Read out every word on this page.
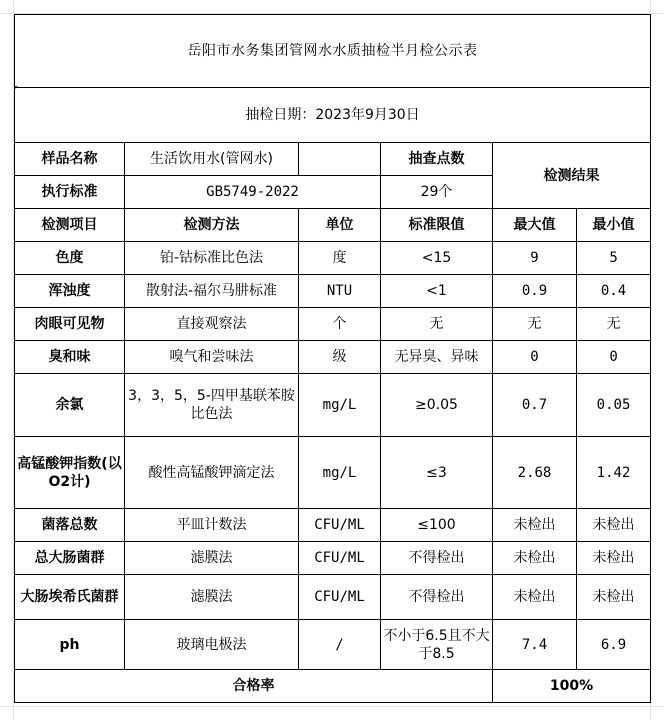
岳阳市水务集团管网水水质抽检半月检公示表					
抽检日期：2023年9月30日					
样品名称	生活饮用水(管网水)		抽查点数	检测结果	
执行标准	GB5749-2022		29个		
检测项目	检测方法	单位	标准限值	最大值	最小值
色度	铂-钴标准比色法	度	<15	9	5
浑浊度	散射法-福尔马肼标准	NTU	<1	0.9	0.4
肉眼可见物	直接观察法	个	无	无	无
臭和味	嗅气和尝味法	级	无异臭、异味	0	0
余氯	3，3，5，5-四甲基联苯胺比色法	mg/L	≥0.05	0.7	0.05
高锰酸钾指数(以O2计)	酸性高锰酸钾滴定法	mg/L	≤3	2.68	1.42
菌落总数	平皿计数法	CFU/ML	≤100	未检出	未检出
总大肠菌群	滤膜法	CFU/ML	不得检出	未检出	未检出
大肠埃希氏菌群	滤膜法	CFU/ML	不得检出	未检出	未检出
ph	玻璃电极法	/	不小于6.5且不大于8.5	7.4	6.9
合格率				100%	
